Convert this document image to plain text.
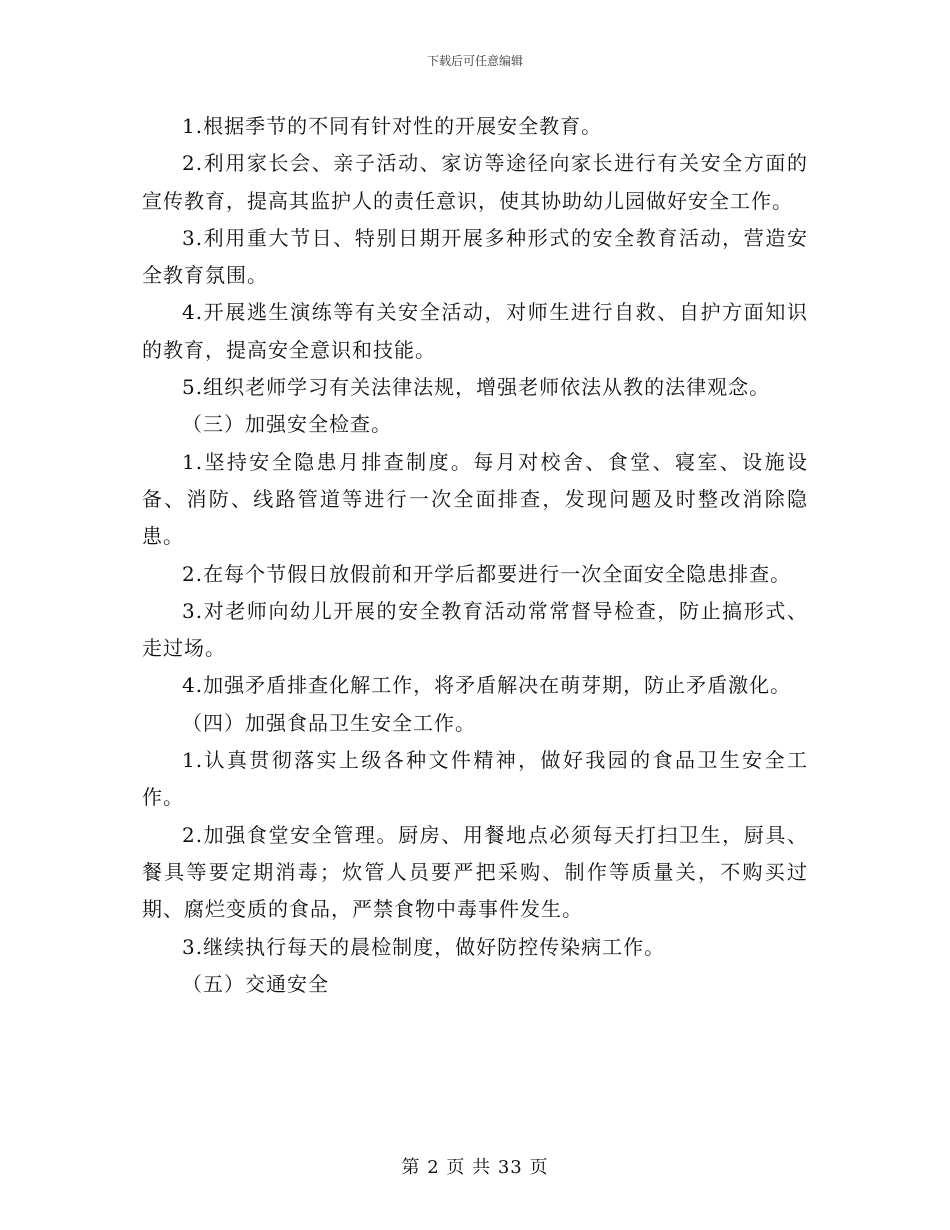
下载后可任意编辑

1.根据季节的不同有针对性的开展安全教育。

2.利用家长会、亲子活动、家访等途径向家长进行有关安全方面的宣传教育，提高其监护人的责任意识，使其协助幼儿园做好安全工作。

3.利用重大节日、特别日期开展多种形式的安全教育活动，营造安全教育氛围。

4.开展逃生演练等有关安全活动，对师生进行自救、自护方面知识的教育，提高安全意识和技能。

5.组织老师学习有关法律法规，增强老师依法从教的法律观念。

（三）加强安全检查。

1.坚持安全隐患月排查制度。每月对校舍、食堂、寝室、设施设备、消防、线路管道等进行一次全面排查，发现问题及时整改消除隐患。

2.在每个节假日放假前和开学后都要进行一次全面安全隐患排查。

3.对老师向幼儿开展的安全教育活动常常督导检查，防止搞形式、走过场。

4.加强矛盾排查化解工作，将矛盾解决在萌芽期，防止矛盾激化。

（四）加强食品卫生安全工作。

1.认真贯彻落实上级各种文件精神，做好我园的食品卫生安全工作。

2.加强食堂安全管理。厨房、用餐地点必须每天打扫卫生，厨具、餐具等要定期消毒；炊管人员要严把采购、制作等质量关，不购买过期、腐烂变质的食品，严禁食物中毒事件发生。

3.继续执行每天的晨检制度，做好防控传染病工作。

（五）交通安全

第 2 页 共 33 页
